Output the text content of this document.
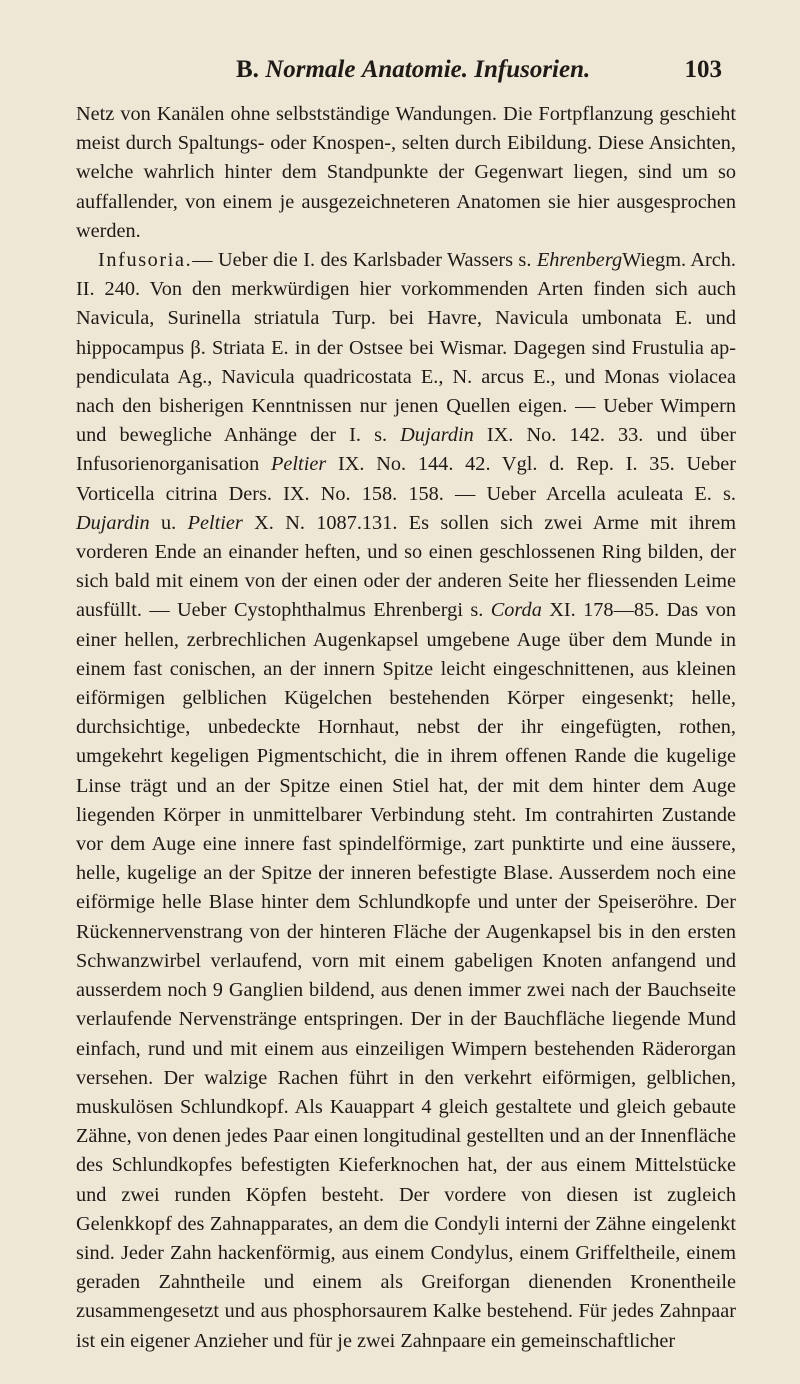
B. Normale Anatomie. Infusorien.	103

Netz von Kanälen ohne selbstständige Wandungen. Die Fortpflanzung geschieht meist durch Spaltungs- oder Knospen-, selten durch Eibildung. Diese Ansichten, welche wahrlich hinter dem Standpunkte der Gegenwart liegen, sind um so auffallender, von einem je ausgezeichneteren Anatomen sie hier ausgesprochen werden.

Infusoria.— Ueber die I. des Karlsbader Wassers s. EhrenbergWiegm. Arch. II. 240. Von den merkwürdigen hier vorkommenden Arten finden sich auch Navicula, Surinella striatula Turp. bei Havre, Navicula umbonata E. und hippocampus β. Striata E. in der Ostsee bei Wismar. Dagegen sind Frustulia appendiculata Ag., Navicula quadricostata E., N. arcus E., und Monas violacea nach den bisherigen Kenntnissen nur jenen Quellen eigen. — Ueber Wimpern und bewegliche Anhänge der I. s. Dujardin IX. No. 142. 33. und über Infusorienorganisation Peltier IX. No. 144. 42. Vgl. d. Rep. I. 35. Ueber Vorticella citrina Ders. IX. No. 158. 158. — Ueber Arcella aculeata E. s. Dujardin u. Peltier X. N. 1087.131. Es sollen sich zwei Arme mit ihrem vorderen Ende an einander heften, und so einen geschlossenen Ring bilden, der sich bald mit einem von der einen oder der anderen Seite her fliessenden Leime ausfüllt. — Ueber Cystophthalmus Ehrenbergi s. Corda XI. 178—85. Das von einer hellen, zerbrechlichen Augenkapsel umgebene Auge über dem Munde in einem fast conischen, an der innern Spitze leicht eingeschnittenen, aus kleinen eiförmigen gelblichen Kügelchen bestehenden Körper eingesenkt; helle, durchsichtige, unbedeckte Hornhaut, nebst der ihr eingefügten, rothen, umgekehrt kegeligen Pigmentschicht, die in ihrem offenen Rande die kugelige Linse trägt und an der Spitze einen Stiel hat, der mit dem hinter dem Auge liegenden Körper in unmittelbarer Verbindung steht. Im contrahirten Zustande vor dem Auge eine innere fast spindelförmige, zart punktirte und eine äussere, helle, kugelige an der Spitze der inneren befestigte Blase. Ausserdem noch eine eiförmige helle Blase hinter dem Schlundkopfe und unter der Speiseröhre. Der Rückennervenstrang von der hinteren Fläche der Augenkapsel bis in den ersten Schwanzwirbel verlaufend, vorn mit einem gabeligen Knoten anfangend und ausserdem noch 9 Ganglien bildend, aus denen immer zwei nach der Bauchseite verlaufende Nervenstränge entspringen. Der in der Bauchfläche liegende Mund einfach, rund und mit einem aus einzeiligen Wimpern bestehenden Räderorgan versehen. Der walzige Rachen führt in den verkehrt eiförmigen, gelblichen, muskulösen Schlundkopf. Als Kauappart 4 gleich gestaltete und gleich gebaute Zähne, von denen jedes Paar einen longitudinal gestellten und an der Innenfläche des Schlundkopfes befestigten Kieferknochen hat, der aus einem Mittelstücke und zwei runden Köpfen besteht. Der vordere von diesen ist zugleich Gelenkkopf des Zahnapparates, an dem die Condyli interni der Zähne eingelenkt sind. Jeder Zahn hackenförmig, aus einem Condylus, einem Griffeltheile, einem geraden Zahntheile und einem als Greiforgan dienenden Kronentheile zusammengesetzt und aus phosphorsaurem Kalke bestehend. Für jedes Zahnpaar ist ein eigener Anzieher und für je zwei Zahnpaare ein gemeinschaftlicher
